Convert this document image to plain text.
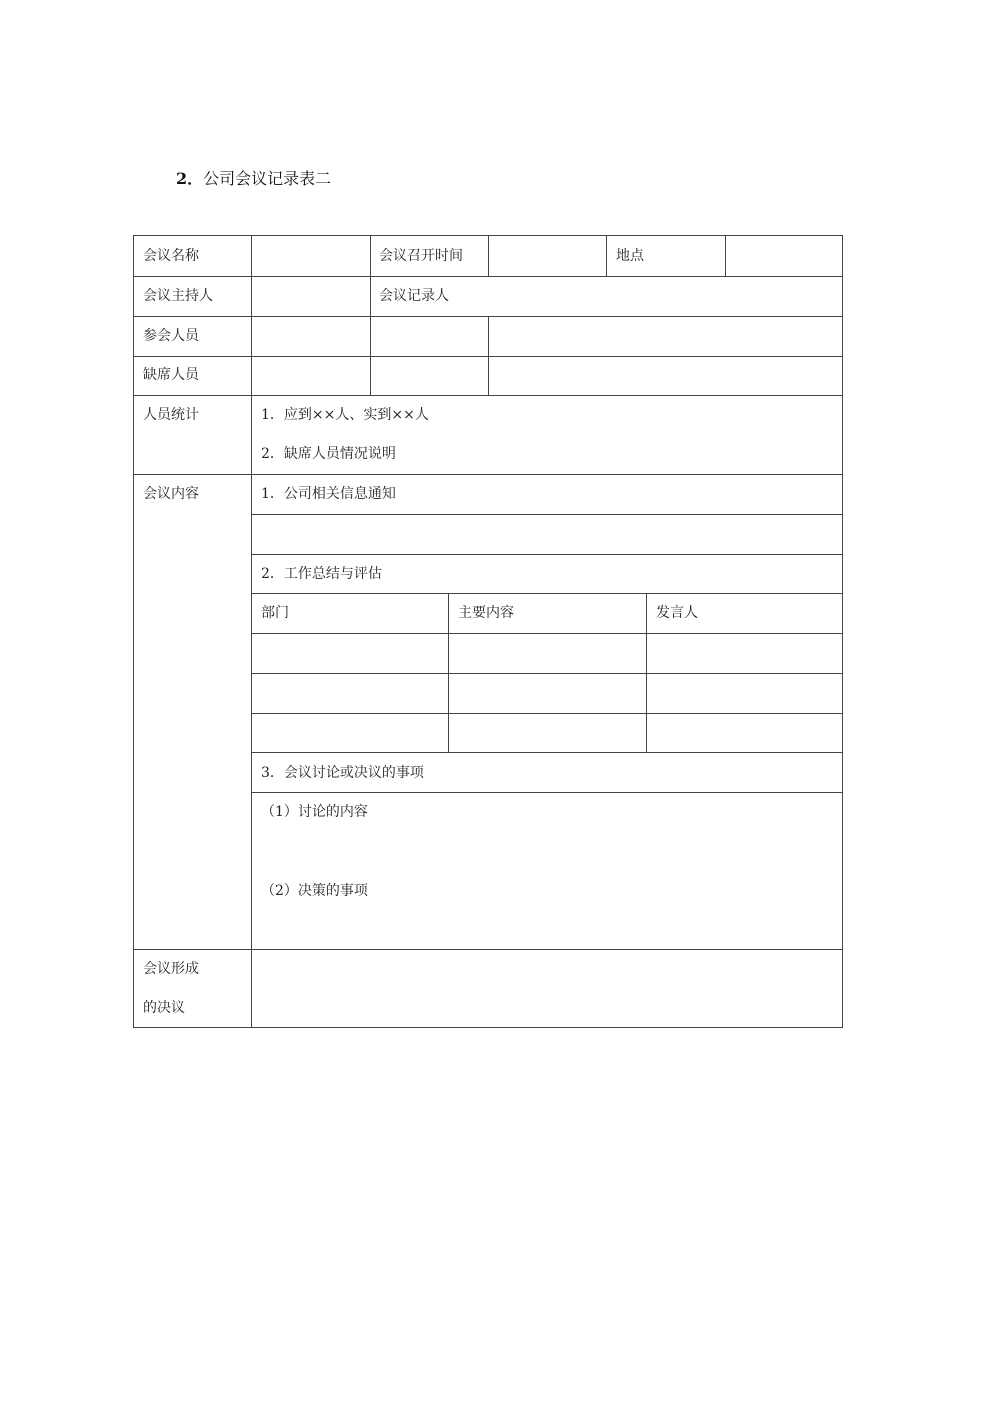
2．公司会议记录表二
会议名称	会议召开时间	地点
会议主持人	会议记录人
参会人员
缺席人员
人员统计	1．应到××人、实到××人
2．缺席人员情况说明
会议内容	1．公司相关信息通知
2．工作总结与评估
部门	主要内容	发言人
3．会议讨论或决议的事项
（1）讨论的内容
（2）决策的事项
会议形成
的决议
